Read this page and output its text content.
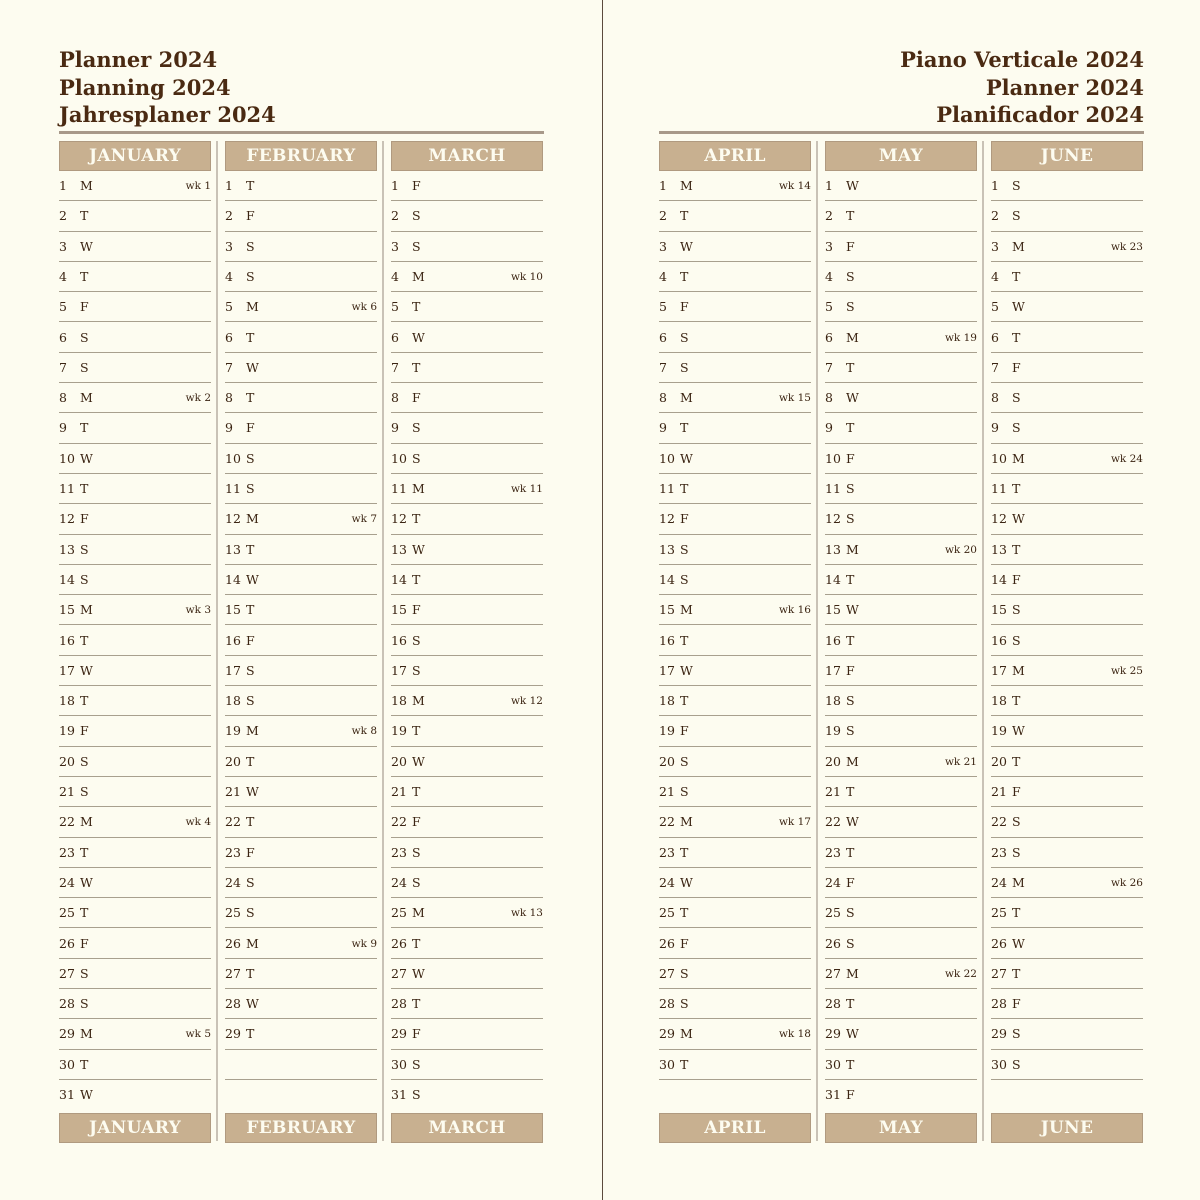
Planner 2024
Planning 2024
Jahresplaner 2024
JANUARY
1 M	wk 1
2 T
3 W
4 T
5 F
6 S
7 S
8 M	wk 2
9 T
10 W
11 T
12 F
13 S
14 S
15 M	wk 3
16 T
17 W
18 T
19 F
20 S
21 S
22 M	wk 4
23 T
24 W
25 T
26 F
27 S
28 S
29 M	wk 5
30 T
31 W
JANUARY
FEBRUARY
1 T
2 F
3 S
4 S
5 M	wk 6
6 T
7 W
8 T
9 F
10 S
11 S
12 M	wk 7
13 T
14 W
15 T
16 F
17 S
18 S
19 M	wk 8
20 T
21 W
22 T
23 F
24 S
25 S
26 M	wk 9
27 T
28 W
29 T
FEBRUARY
MARCH
1 F
2 S
3 S
4 M	wk 10
5 T
6 W
7 T
8 F
9 S
10 S
11 M	wk 11
12 T
13 W
14 T
15 F
16 S
17 S
18 M	wk 12
19 T
20 W
21 T
22 F
23 S
24 S
25 M	wk 13
26 T
27 W
28 T
29 F
30 S
31 S
MARCH
Piano Verticale 2024
Planner 2024
Planificador 2024
APRIL
1 M	wk 14
2 T
3 W
4 T
5 F
6 S
7 S
8 M	wk 15
9 T
10 W
11 T
12 F
13 S
14 S
15 M	wk 16
16 T
17 W
18 T
19 F
20 S
21 S
22 M	wk 17
23 T
24 W
25 T
26 F
27 S
28 S
29 M	wk 18
30 T
APRIL
MAY
1 W
2 T
3 F
4 S
5 S
6 M	wk 19
7 T
8 W
9 T
10 F
11 S
12 S
13 M	wk 20
14 T
15 W
16 T
17 F
18 S
19 S
20 M	wk 21
21 T
22 W
23 T
24 F
25 S
26 S
27 M	wk 22
28 T
29 W
30 T
31 F
MAY
JUNE
1 S
2 S
3 M	wk 23
4 T
5 W
6 T
7 F
8 S
9 S
10 M	wk 24
11 T
12 W
13 T
14 F
15 S
16 S
17 M	wk 25
18 T
19 W
20 T
21 F
22 S
23 S
24 M	wk 26
25 T
26 W
27 T
28 F
29 S
30 S
JUNE
